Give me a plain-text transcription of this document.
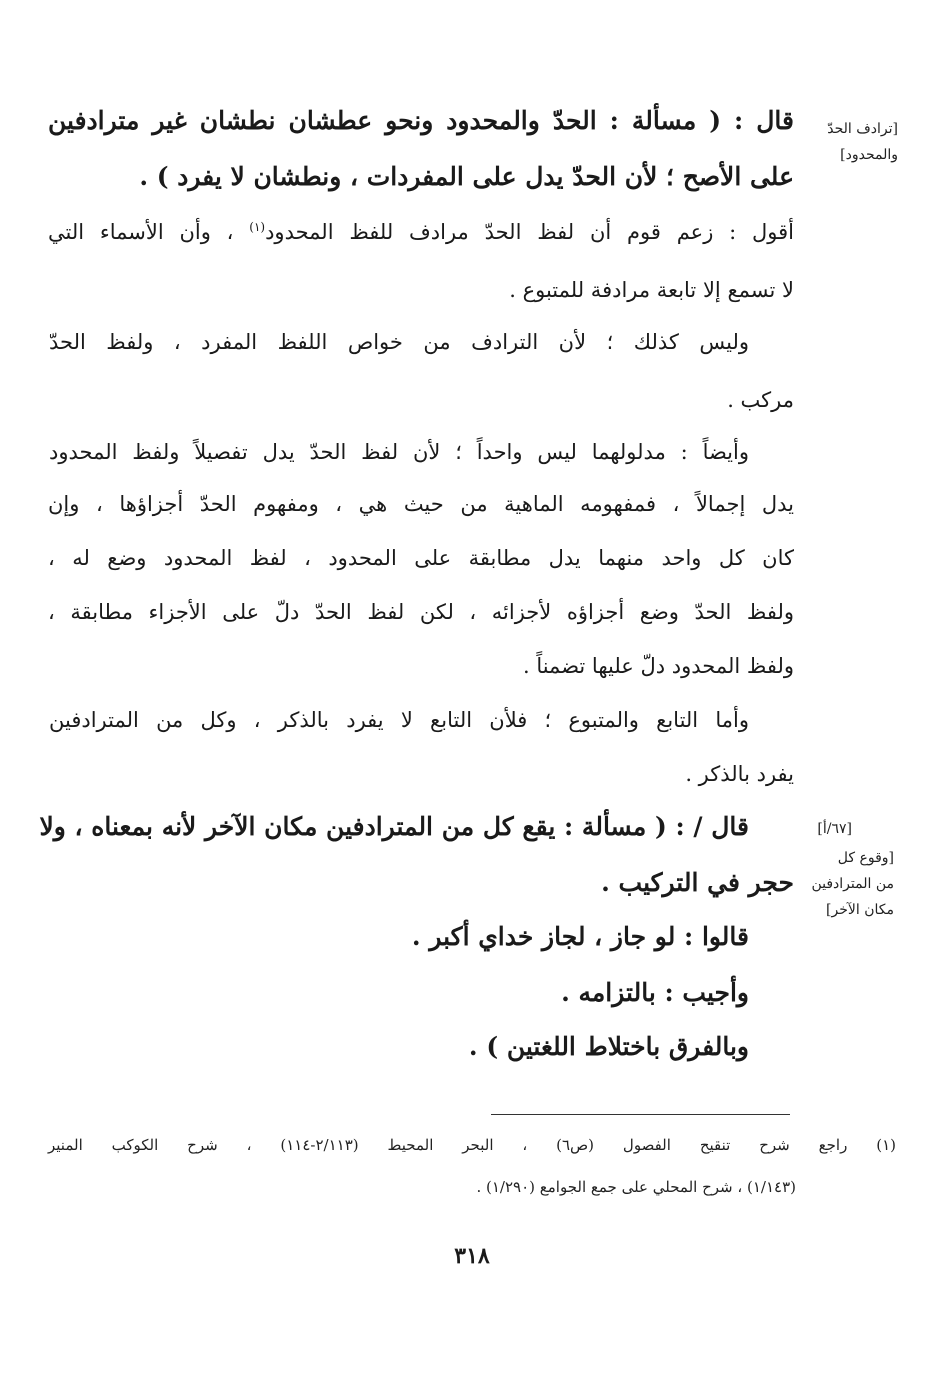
[ترادف الحدّ
والمحدود]
[٦٧/أ]
[وقوع كل
من المترادفين
مكان الآخر]
قال : ( مسألة : الحدّ والمحدود ونحو عطشان نطشان غير مترادفين
على الأصح ؛ لأن الحدّ يدل على المفردات ، ونطشان لا يفرد ) .
أقول : زعم قوم أن لفظ الحدّ مرادف للفظ المحدود$^{(١)}$ ، وأن الأسماء التي
لا تسمع إلا تابعة مرادفة للمتبوع .
وليس كذلك ؛ لأن الترادف من خواص اللفظ المفرد ، ولفظ الحدّ
مركب .
وأيضاً : مدلولهما ليس واحداً ؛ لأن لفظ الحدّ يدل تفصيلاً ولفظ المحدود
يدل إجمالاً ، فمفهومه الماهية من حيث هي ، ومفهوم الحدّ أجزاؤها ، وإن
كان كل واحد منهما يدل مطابقة على المحدود ، لفظ المحدود وضع له ،
ولفظ الحدّ وضع أجزاؤه لأجزائه ، لكن لفظ الحدّ دلّ على الأجزاء مطابقة ،
ولفظ المحدود دلّ عليها تضمناً .
وأما التابع والمتبوع ؛ فلأن التابع لا يفرد بالذكر ، وكل من المترادفين
يفرد بالذكر .
قال / : ( مسألة : يقع كل من المترادفين مكان الآخر لأنه بمعناه ، ولا
حجر في التركيب .
قالوا : لو جاز ، لجاز خداي أكبر .
وأجيب : بالتزامه .
وبالفرق باختلاط اللغتين ) .
(١) راجع شرح تنقيح الفصول (ص٦) ، البحر المحيط (٢/١١٣-١١٤) ، شرح الكوكب المنير
(١/١٤٣) ، شرح المحلي على جمع الجوامع (١/٢٩٠) .
٣١٨
